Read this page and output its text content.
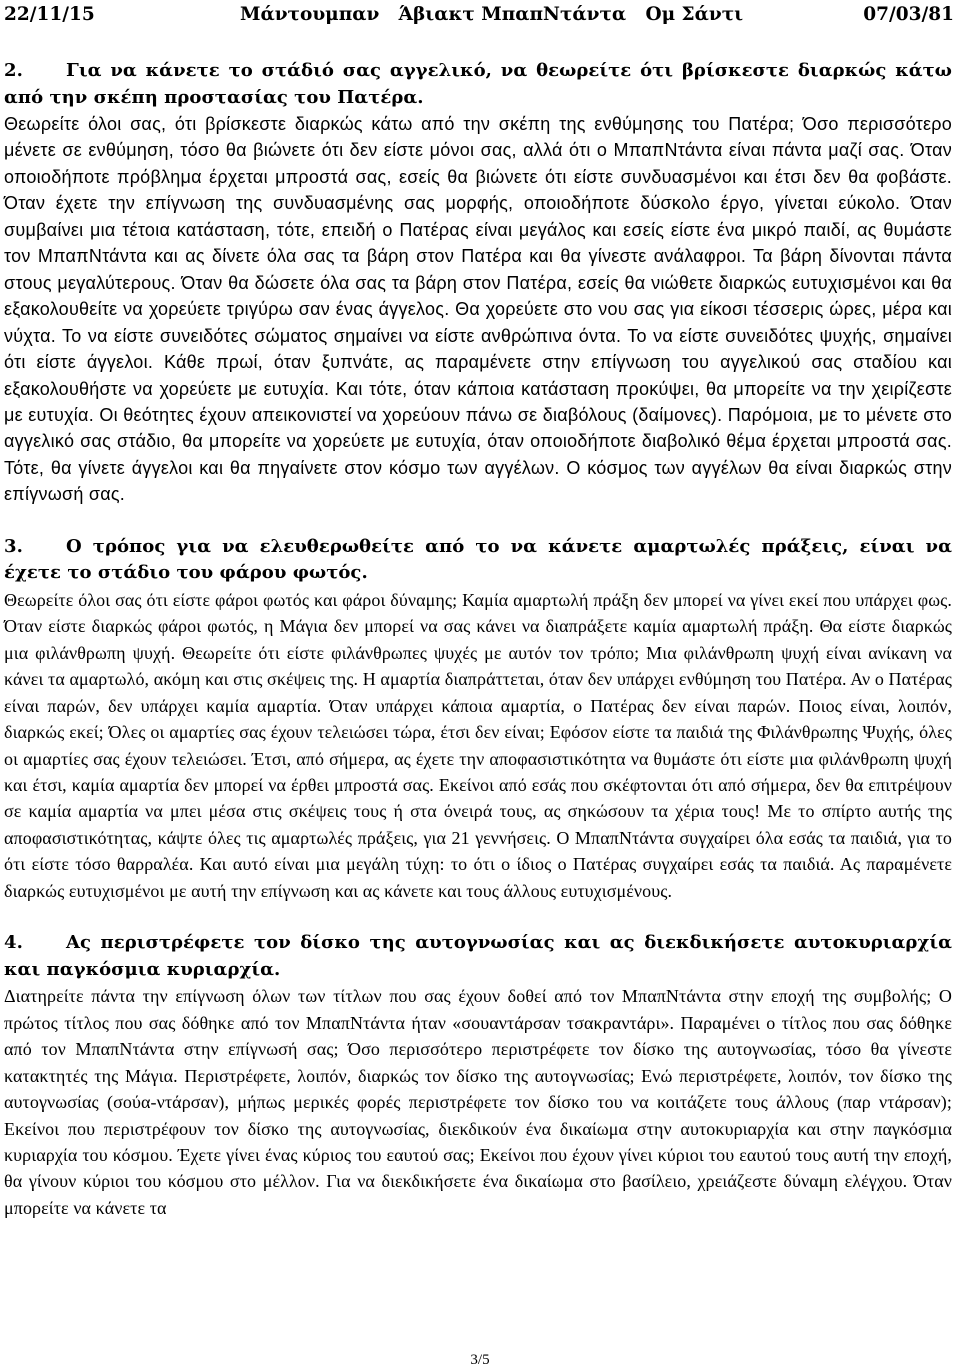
22/11/15	Μάντουμπαν   Άβιακτ ΜπαπΝτάντα   Ομ Σάντι	07/03/81

2. Για να κάνετε το στάδιό σας αγγελικό, να θεωρείτε ότι βρίσκεστε διαρκώς κάτω από την σκέπη προστασίας του Πατέρα.

Θεωρείτε όλοι σας, ότι βρίσκεστε διαρκώς κάτω από την σκέπη της ενθύμησης του Πατέρα; Όσο περισσότερο μένετε σε ενθύμηση, τόσο θα βιώνετε ότι δεν είστε μόνοι σας, αλλά ότι ο ΜπαπΝτάντα είναι πάντα μαζί σας. Όταν οποιοδήποτε πρόβλημα έρχεται μπροστά σας, εσείς θα βιώνετε ότι είστε συνδυασμένοι και έτσι δεν θα φοβάστε. Όταν έχετε την επίγνωση της συνδυασμένης σας μορφής, οποιοδήποτε δύσκολο έργο, γίνεται εύκολο. Όταν συμβαίνει μια τέτοια κατάσταση, τότε, επειδή ο Πατέρας είναι μεγάλος και εσείς είστε ένα μικρό παιδί, ας θυμάστε τον ΜπαπΝτάντα και ας δίνετε όλα σας τα βάρη στον Πατέρα και θα γίνεστε ανάλαφροι. Τα βάρη δίνονται πάντα στους μεγαλύτερους. Όταν θα δώσετε όλα σας τα βάρη στον Πατέρα, εσείς θα νιώθετε διαρκώς ευτυχισμένοι και θα εξακολουθείτε να χορεύετε τριγύρω σαν ένας άγγελος. Θα χορεύετε στο νου σας για είκοσι τέσσερις ώρες, μέρα και νύχτα. Το να είστε συνειδότες σώματος σημαίνει να είστε ανθρώπινα όντα. Το να είστε συνειδότες ψυχής, σημαίνει ότι είστε άγγελοι. Κάθε πρωί, όταν ξυπνάτε, ας παραμένετε στην επίγνωση του αγγελικού σας σταδίου και εξακολουθήστε να χορεύετε με ευτυχία. Και τότε, όταν κάποια κατάσταση προκύψει, θα μπορείτε να την χειρίζεστε με ευτυχία. Οι θεότητες έχουν απεικονιστεί να χορεύουν πάνω σε διαβόλους (δαίμονες). Παρόμοια, με το μένετε στο αγγελικό σας στάδιο, θα μπορείτε να χορεύετε με ευτυχία, όταν οποιοδήποτε διαβολικό θέμα έρχεται μπροστά σας. Τότε, θα γίνετε άγγελοι και θα πηγαίνετε στον κόσμο των αγγέλων. Ο κόσμος των αγγέλων θα είναι διαρκώς στην επίγνωσή σας.

3. Ο τρόπος για να ελευθερωθείτε από το να κάνετε αμαρτωλές πράξεις, είναι να έχετε το στάδιο του φάρου φωτός.

Θεωρείτε όλοι σας ότι είστε φάροι φωτός και φάροι δύναμης; Καμία αμαρτωλή πράξη δεν μπορεί να γίνει εκεί που υπάρχει φως. Όταν είστε διαρκώς φάροι φωτός, η Μάγια δεν μπορεί να σας κάνει να διαπράξετε καμία αμαρτωλή πράξη. Θα είστε διαρκώς μια φιλάνθρωπη ψυχή. Θεωρείτε ότι είστε φιλάνθρωπες ψυχές με αυτόν τον τρόπο; Μια φιλάνθρωπη ψυχή είναι ανίκανη να κάνει τα αμαρτωλό, ακόμη και στις σκέψεις της. Η αμαρτία διαπράττεται, όταν δεν υπάρχει ενθύμηση του Πατέρα. Αν ο Πατέρας είναι παρών, δεν υπάρχει καμία αμαρτία. Όταν υπάρχει κάποια αμαρτία, ο Πατέρας δεν είναι παρών. Ποιος είναι, λοιπόν, διαρκώς εκεί; Όλες οι αμαρτίες σας έχουν τελειώσει τώρα, έτσι δεν είναι; Εφόσον είστε τα παιδιά της Φιλάνθρωπης Ψυχής, όλες οι αμαρτίες σας έχουν τελειώσει. Έτσι, από σήμερα, ας έχετε την αποφασιστικότητα να θυμάστε ότι είστε μια φιλάνθρωπη ψυχή και έτσι, καμία αμαρτία δεν μπορεί να έρθει μπροστά σας. Εκείνοι από εσάς που σκέφτονται ότι από σήμερα, δεν θα επιτρέψουν σε καμία αμαρτία να μπει μέσα στις σκέψεις τους ή στα όνειρά τους, ας σηκώσουν τα χέρια τους! Με το σπίρτο αυτής της αποφασιστικότητας, κάψτε όλες τις αμαρτωλές πράξεις, για 21 γεννήσεις. Ο ΜπαπΝτάντα συγχαίρει όλα εσάς τα παιδιά, για το ότι είστε τόσο θαρραλέα. Και αυτό είναι μια μεγάλη τύχη: το ότι ο ίδιος ο Πατέρας συγχαίρει εσάς τα παιδιά. Ας παραμένετε διαρκώς ευτυχισμένοι με αυτή την επίγνωση και ας κάνετε και τους άλλους ευτυχισμένους.

4. Ας περιστρέφετε τον δίσκο της αυτογνωσίας και ας διεκδικήσετε αυτοκυριαρχία και παγκόσμια κυριαρχία.

Διατηρείτε πάντα την επίγνωση όλων των τίτλων που σας έχουν δοθεί από τον ΜπαπΝτάντα στην εποχή της συμβολής; Ο πρώτος τίτλος που σας δόθηκε από τον ΜπαπΝτάντα ήταν «σουαντάρσαν τσακραντάρι». Παραμένει ο τίτλος που σας δόθηκε από τον ΜπαπΝτάντα στην επίγνωσή σας; Όσο περισσότερο περιστρέφετε τον δίσκο της αυτογνωσίας, τόσο θα γίνεστε κατακτητές της Μάγια. Περιστρέφετε, λοιπόν, διαρκώς τον δίσκο της αυτογνωσίας; Ενώ περιστρέφετε, λοιπόν, τον δίσκο της αυτογνωσίας (σούα-ντάρσαν), μήπως μερικές φορές περιστρέφετε τον δίσκο του να κοιτάζετε τους άλλους (παρ ντάρσαν); Εκείνοι που περιστρέφουν τον δίσκο της αυτογνωσίας, διεκδικούν ένα δικαίωμα στην αυτοκυριαρχία και στην παγκόσμια κυριαρχία του κόσμου. Έχετε γίνει ένας κύριος του εαυτού σας; Εκείνοι που έχουν γίνει κύριοι του εαυτού τους αυτή την εποχή, θα γίνουν κύριοι του κόσμου στο μέλλον. Για να διεκδικήσετε ένα δικαίωμα στο βασίλειο, χρειάζεστε δύναμη ελέγχου. Όταν μπορείτε να κάνετε τα

3/5
